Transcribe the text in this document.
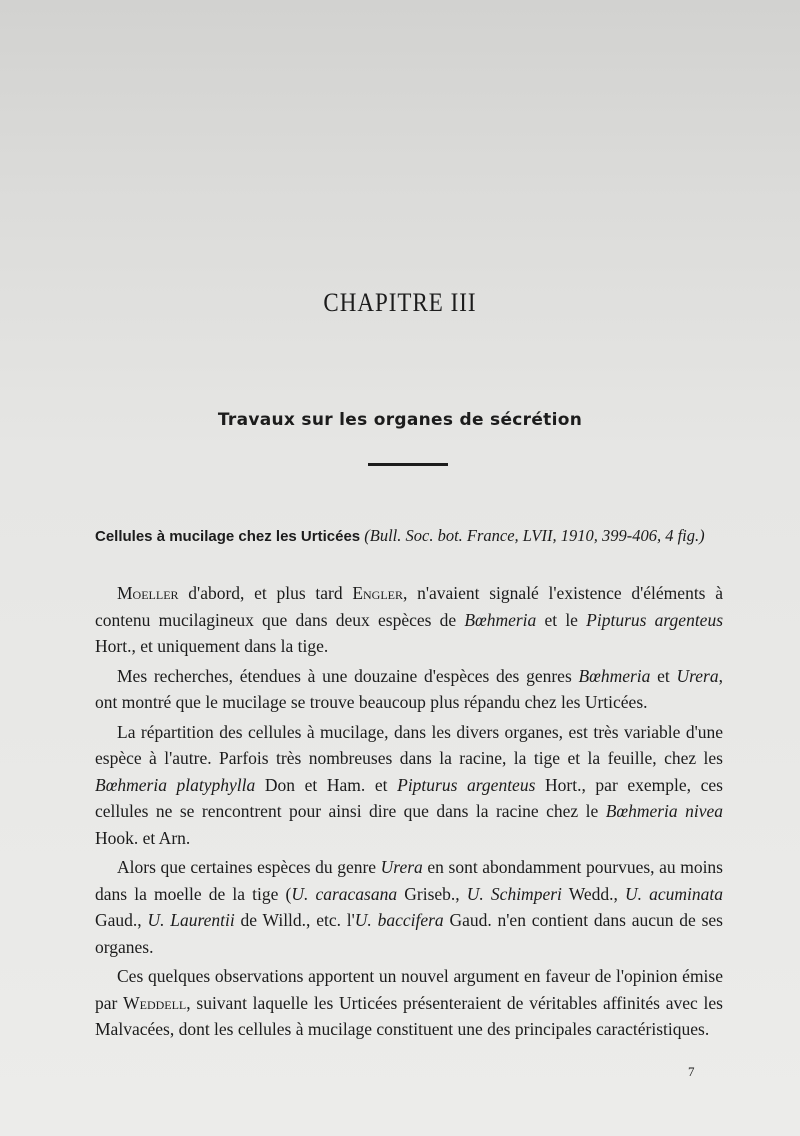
CHAPITRE III
Travaux sur les organes de sécrétion
Cellules à mucilage chez les Urticées (Bull. Soc. bot. France, LVII, 1910, 399-406, 4 fig.)

Moeller d'abord, et plus tard Engler, n'avaient signalé l'existence d'éléments à contenu mucilagineux que dans deux espèces de Bœhmeria et le Pipturus argenteus Hort., et uniquement dans la tige.

Mes recherches, étendues à une douzaine d'espèces des genres Bœhmeria et Urera, ont montré que le mucilage se trouve beaucoup plus répandu chez les Urticées.

La répartition des cellules à mucilage, dans les divers organes, est très variable d'une espèce à l'autre. Parfois très nombreuses dans la racine, la tige et la feuille, chez les Bœhmeria platyphylla Don et Ham. et Pipturus argenteus Hort., par exemple, ces cellules ne se rencontrent pour ainsi dire que dans la racine chez le Bœhmeria nivea Hook. et Arn.

Alors que certaines espèces du genre Urera en sont abondamment pourvues, au moins dans la moelle de la tige (U. caracasana Griseb., U. Schimperi Wedd., U. acuminata Gaud., U. Laurentii de Willd., etc. l'U. baccifera Gaud. n'en contient dans aucun de ses organes.

Ces quelques observations apportent un nouvel argument en faveur de l'opinion émise par Weddell, suivant laquelle les Urticées présenteraient de véritables affinités avec les Malvacées, dont les cellules à mucilage constituent une des principales caractéristiques.

7
